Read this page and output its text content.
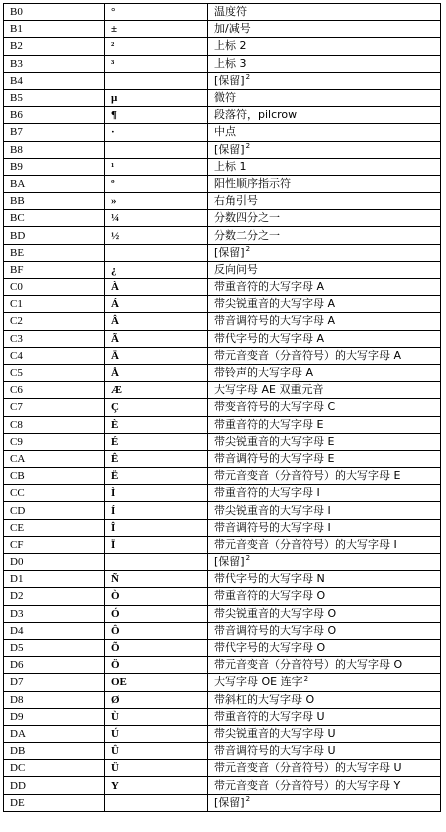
B0	°	温度符
B1	±	加/减号
B2	²	上标 2
B3	³	上标 3
B4		[保留]$^2$
B5	µ	微符
B6	¶	段落符，pilcrow
B7	·	中点
B8		[保留]$^2$
B9	¹	上标 1
BA	º	阳性顺序指示符
BB	»	右角引号
BC	¼	分数四分之一
BD	½	分数二分之一
BE		[保留]$^2$
BF	¿	反向问号
C0	À	带重音符的大写字母 A
C1	Á	带尖锐重音的大写字母 A
C2	Â	带音调符号的大写字母 A
C3	Ã	带代字号的大写字母 A
C4	Ä	带元音变音（分音符号）的大写字母 A
C5	Å	带铃声的大写字母 A
C6	Æ	大写字母 AE 双重元音
C7	Ç	带变音符号的大写字母 C
C8	È	带重音符的大写字母 E
C9	É	带尖锐重音的大写字母 E
CA	Ê	带音调符号的大写字母 E
CB	Ë	带元音变音（分音符号）的大写字母 E
CC	Ì	带重音符的大写字母 I
CD	Í	带尖锐重音的大写字母 I
CE	Î	带音调符号的大写字母 I
CF	Ï	带元音变音（分音符号）的大写字母 I
D0		[保留]$^2$
D1	Ñ	带代字号的大写字母 N
D2	Ò	带重音符的大写字母 O
D3	Ó	带尖锐重音的大写字母 O
D4	Ô	带音调符号的大写字母 O
D5	Õ	带代字号的大写字母 O
D6	Ö	带元音变音（分音符号）的大写字母 O
D7	OE	大写字母 OE 连字$^2$
D8	Ø	带斜杠的大写字母 O
D9	Ù	带重音符的大写字母 U
DA	Ú	带尖锐重音的大写字母 U
DB	Û	带音调符号的大写字母 U
DC	Ü	带元音变音（分音符号）的大写字母 U
DD	Y	带元音变音（分音符号）的大写字母 Y
DE		[保留]$^2$
